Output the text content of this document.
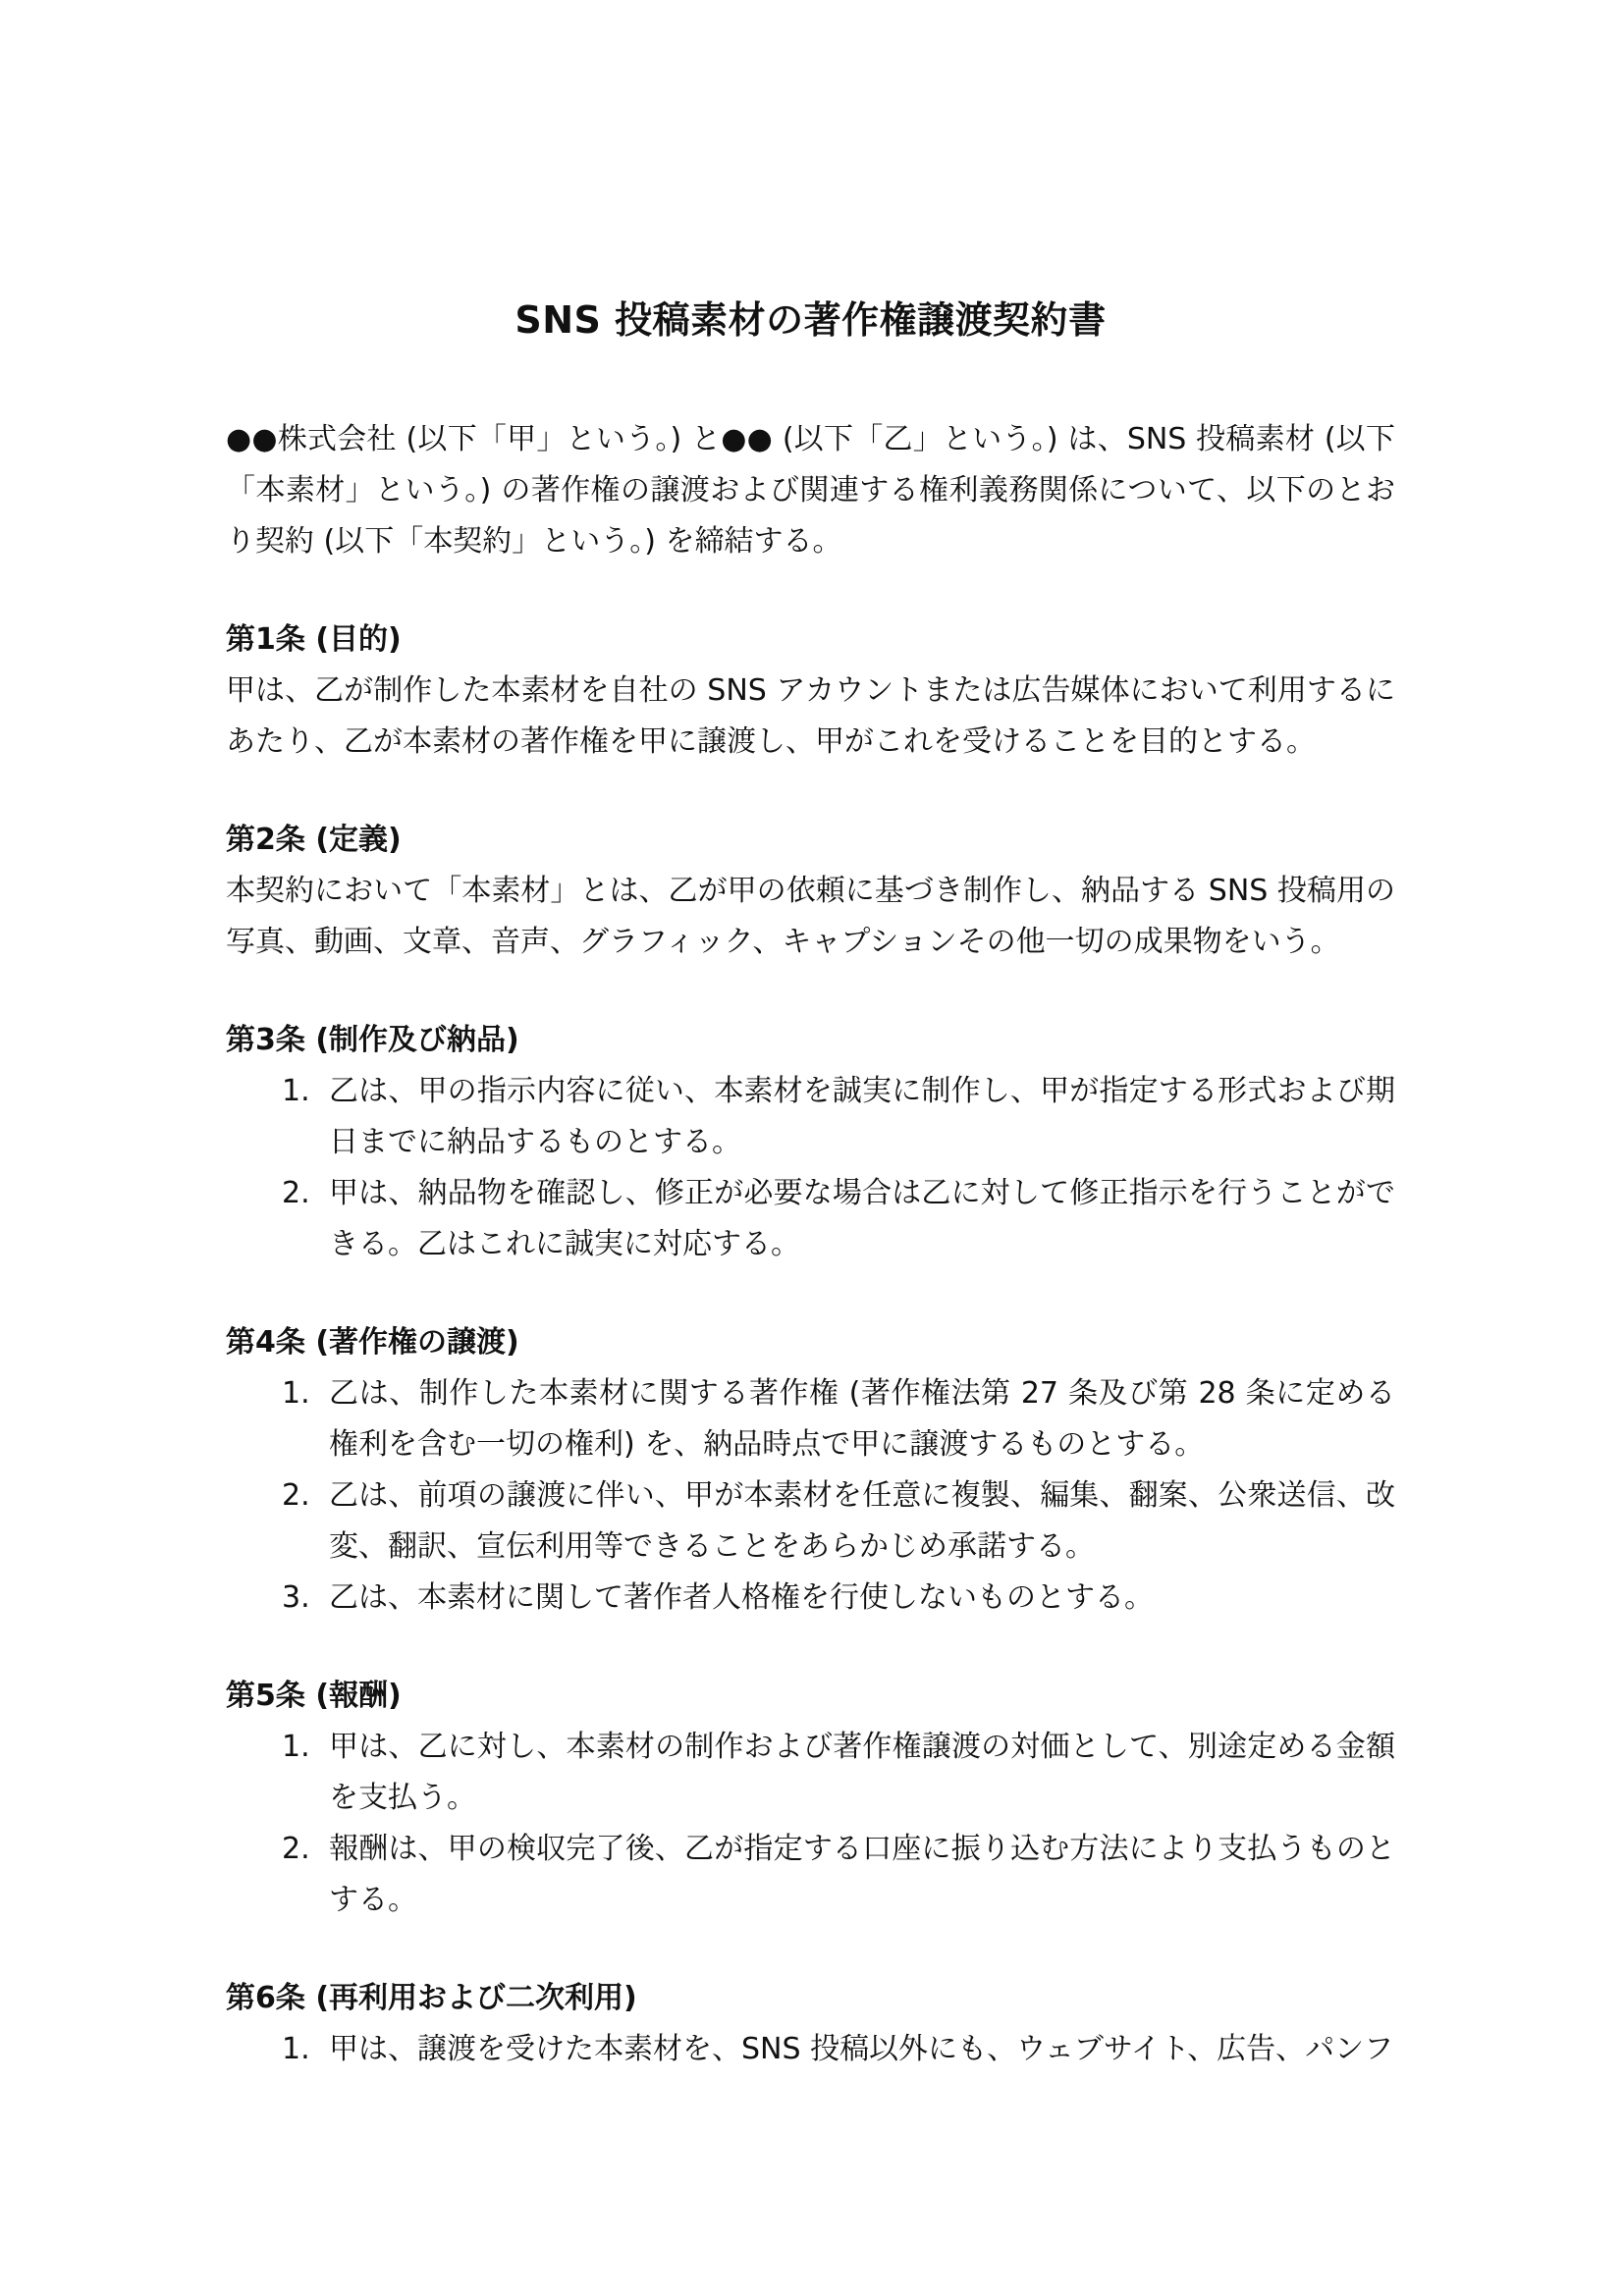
SNS 投稿素材の著作権譲渡契約書

●●株式会社 (以下「甲」という。) と●● (以下「乙」という。) は、SNS 投稿素材 (以下「本素材」という。) の著作権の譲渡および関連する権利義務関係について、以下のとおり契約 (以下「本契約」という。) を締結する。

第1条 (目的)

甲は、乙が制作した本素材を自社の SNS アカウントまたは広告媒体において利用するにあたり、乙が本素材の著作権を甲に譲渡し、甲がこれを受けることを目的とする。

第2条 (定義)

本契約において「本素材」とは、乙が甲の依頼に基づき制作し、納品する SNS 投稿用の写真、動画、文章、音声、グラフィック、キャプションその他一切の成果物をいう。

第3条 (制作及び納品)
乙は、甲の指示内容に従い、本素材を誠実に制作し、甲が指定する形式および期日までに納品するものとする。
甲は、納品物を確認し、修正が必要な場合は乙に対して修正指示を行うことができる。乙はこれに誠実に対応する。
第4条 (著作権の譲渡)
乙は、制作した本素材に関する著作権 (著作権法第 27 条及び第 28 条に定める権利を含む一切の権利) を、納品時点で甲に譲渡するものとする。
乙は、前項の譲渡に伴い、甲が本素材を任意に複製、編集、翻案、公衆送信、改変、翻訳、宣伝利用等できることをあらかじめ承諾する。
乙は、本素材に関して著作者人格権を行使しないものとする。
第5条 (報酬)
甲は、乙に対し、本素材の制作および著作権譲渡の対価として、別途定める金額を支払う。
報酬は、甲の検収完了後、乙が指定する口座に振り込む方法により支払うものとする。
第6条 (再利用および二次利用)
甲は、譲渡を受けた本素材を、SNS 投稿以外にも、ウェブサイト、広告、パンフ
